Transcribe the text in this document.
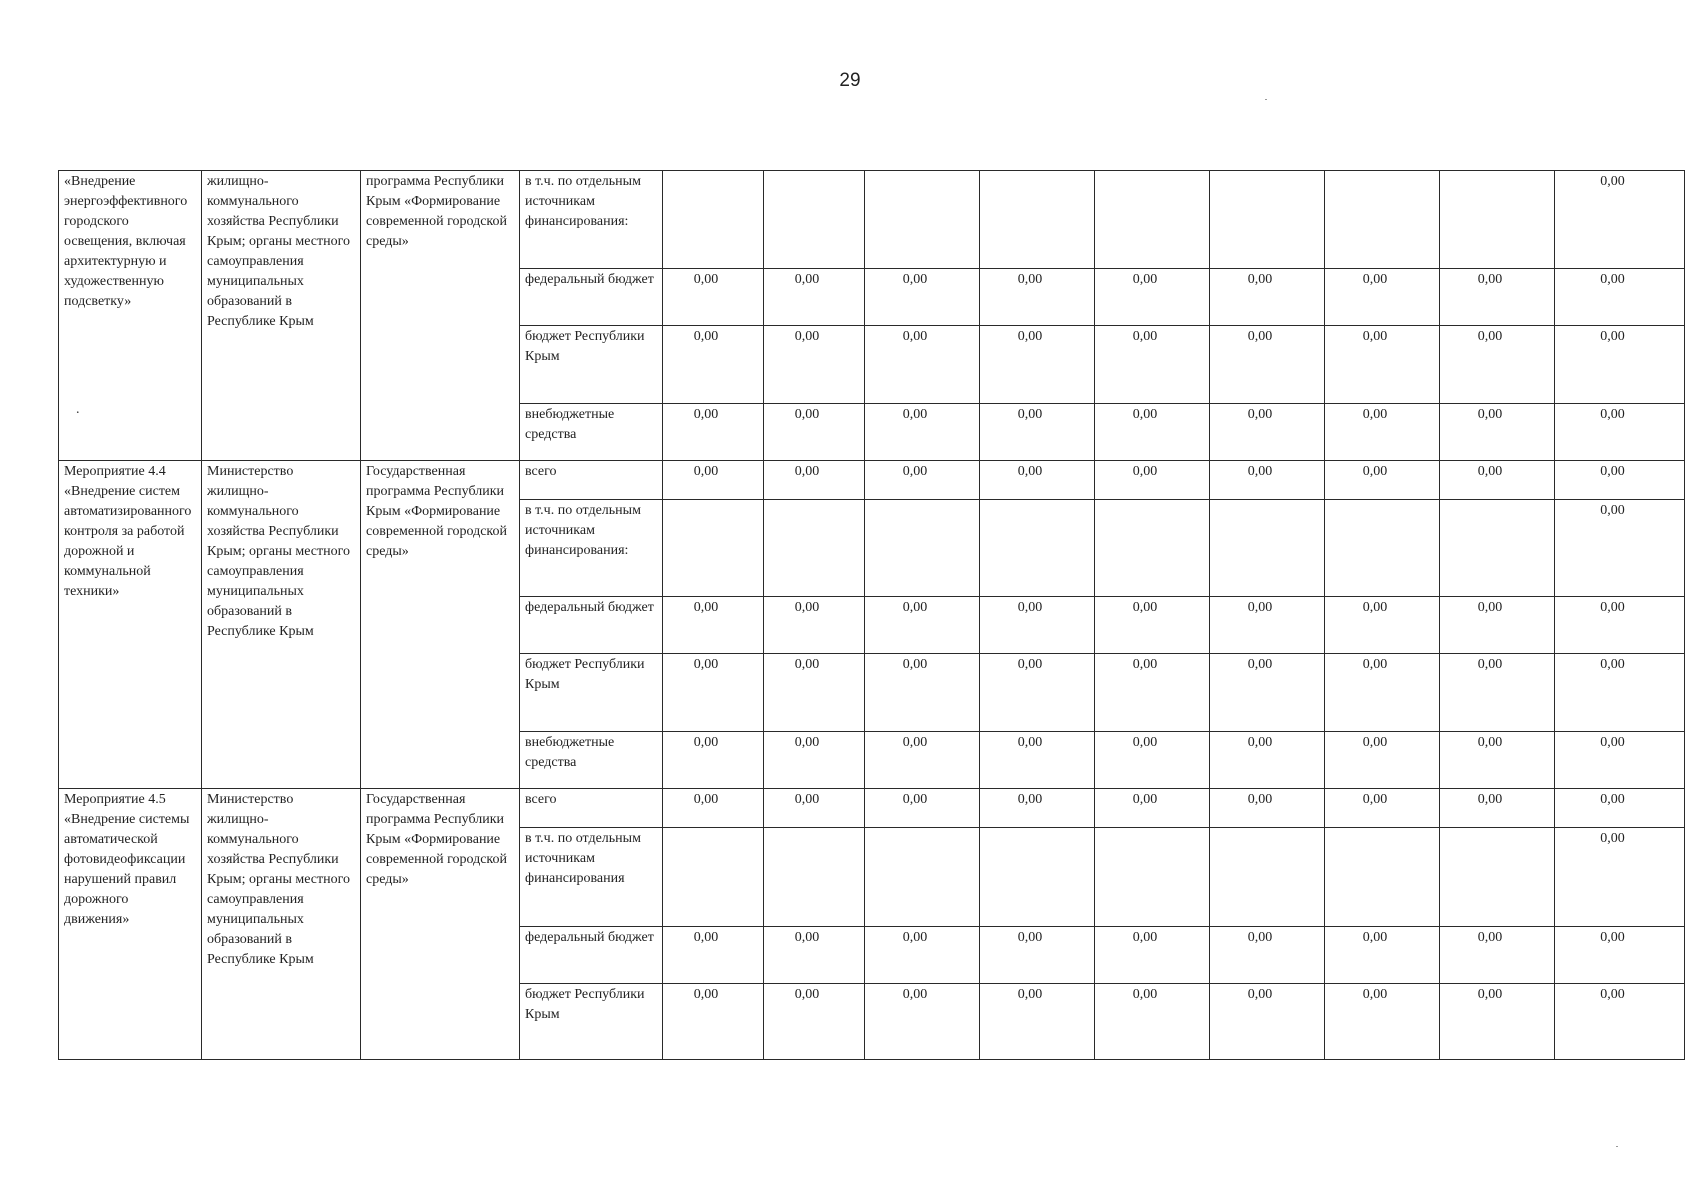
29
.
«Внедрение энергоэффективного городского освещения, включая архитектурную и художественную подсветку»	жилищно-коммунального хозяйства Республики Крым; органы местного самоуправления муниципальных образований в Республике Крым	программа Республики Крым «Формирование современной городской среды»	в т.ч. по отдельным источникам финансирования:									0,00
			федеральный бюджет	0,00	0,00	0,00	0,00	0,00	0,00	0,00	0,00	0,00
			бюджет Республики Крым	0,00	0,00	0,00	0,00	0,00	0,00	0,00	0,00	0,00
			внебюджетные средства	0,00	0,00	0,00	0,00	0,00	0,00	0,00	0,00	0,00
Мероприятие 4.4 «Внедрение систем автоматизированного контроля за работой дорожной и коммунальной техники»	Министерство жилищно-коммунального хозяйства Республики Крым; органы местного самоуправления муниципальных образований в Республике Крым	Государственная программа Республики Крым «Формирование современной городской среды»	всего	0,00	0,00	0,00	0,00	0,00	0,00	0,00	0,00	0,00
			в т.ч. по отдельным источникам финансирования:									0,00
			федеральный бюджет	0,00	0,00	0,00	0,00	0,00	0,00	0,00	0,00	0,00
			бюджет Республики Крым	0,00	0,00	0,00	0,00	0,00	0,00	0,00	0,00	0,00
			внебюджетные средства	0,00	0,00	0,00	0,00	0,00	0,00	0,00	0,00	0,00
Мероприятие 4.5 «Внедрение системы автоматической фотовидеофиксации нарушений правил дорожного движения»	Министерство жилищно-коммунального хозяйства Республики Крым; органы местного самоуправления муниципальных образований в Республике Крым	Государственная программа Республики Крым «Формирование современной городской среды»	всего	0,00	0,00	0,00	0,00	0,00	0,00	0,00	0,00	0,00
			в т.ч. по отдельным источникам финансирования									0,00
			федеральный бюджет	0,00	0,00	0,00	0,00	0,00	0,00	0,00	0,00	0,00
			бюджет Республики Крым	0,00	0,00	0,00	0,00	0,00	0,00	0,00	0,00	0,00
